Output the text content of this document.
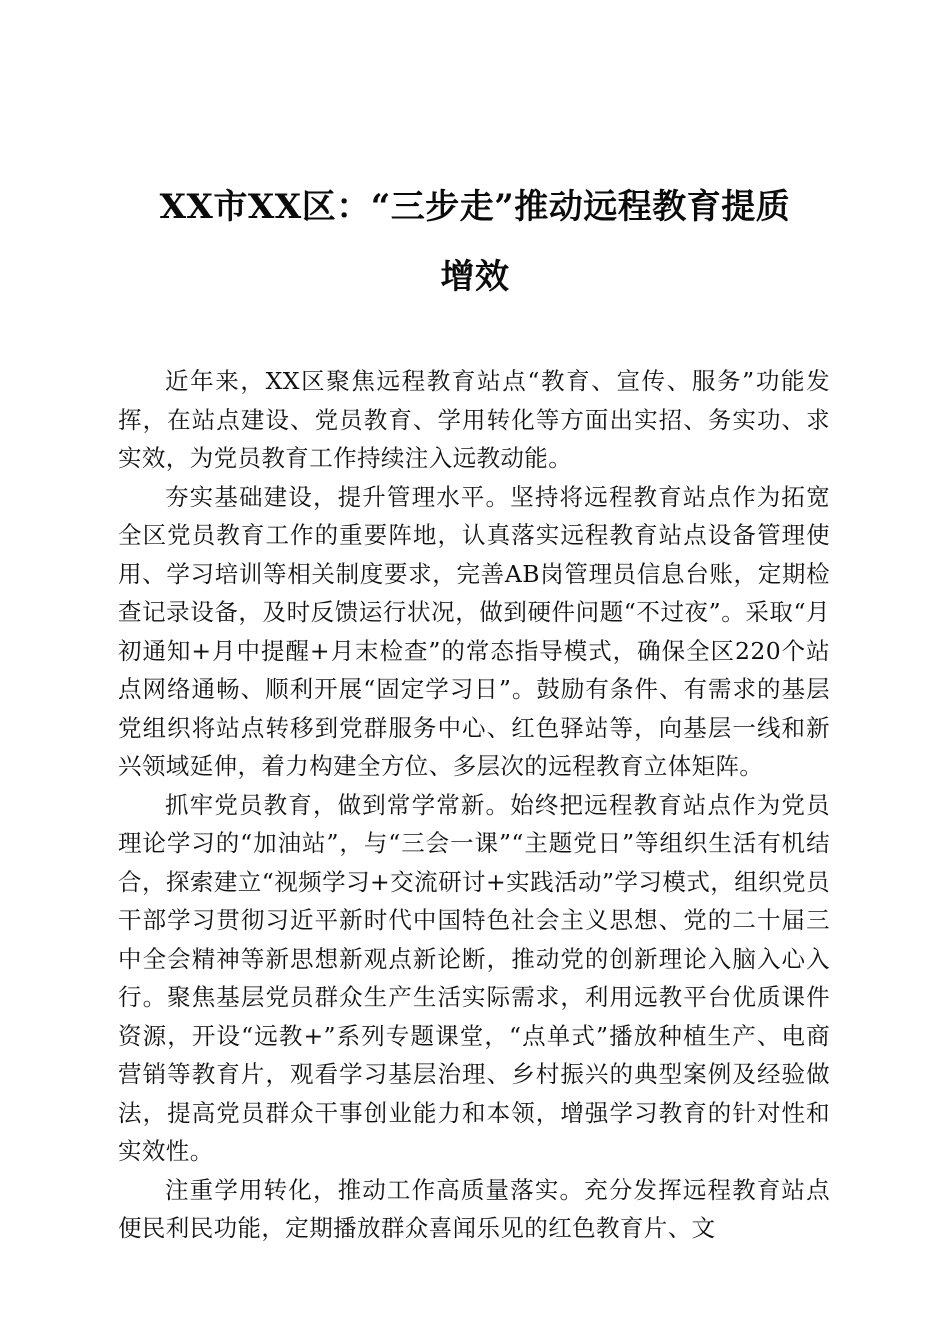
XX市XX区：“三步走”推动远程教育提质
增效

近年来，XX区聚焦远程教育站点“教育、宣传、服务”功能发挥，在站点建设、党员教育、学用转化等方面出实招、务实功、求实效，为党员教育工作持续注入远教动能。

夯实基础建设，提升管理水平。坚持将远程教育站点作为拓宽全区党员教育工作的重要阵地，认真落实远程教育站点设备管理使用、学习培训等相关制度要求，完善AB岗管理员信息台账，定期检查记录设备，及时反馈运行状况，做到硬件问题“不过夜”。采取“月初通知+月中提醒+月末检查”的常态指导模式，确保全区220个站点网络通畅、顺利开展“固定学习日”。鼓励有条件、有需求的基层党组织将站点转移到党群服务中心、红色驿站等，向基层一线和新兴领域延伸，着力构建全方位、多层次的远程教育立体矩阵。

抓牢党员教育，做到常学常新。始终把远程教育站点作为党员理论学习的“加油站”，与“三会一课”“主题党日”等组织生活有机结合，探索建立“视频学习+交流研讨+实践活动”学习模式，组织党员干部学习贯彻习近平新时代中国特色社会主义思想、党的二十届三中全会精神等新思想新观点新论断，推动党的创新理论入脑入心入行。聚焦基层党员群众生产生活实际需求，利用远教平台优质课件资源，开设“远教+”系列专题课堂，“点单式”播放种植生产、电商营销等教育片，观看学习基层治理、乡村振兴的典型案例及经验做法，提高党员群众干事创业能力和本领，增强学习教育的针对性和实效性。

注重学用转化，推动工作高质量落实。充分发挥远程教育站点便民利民功能，定期播放群众喜闻乐见的红色教育片、文
